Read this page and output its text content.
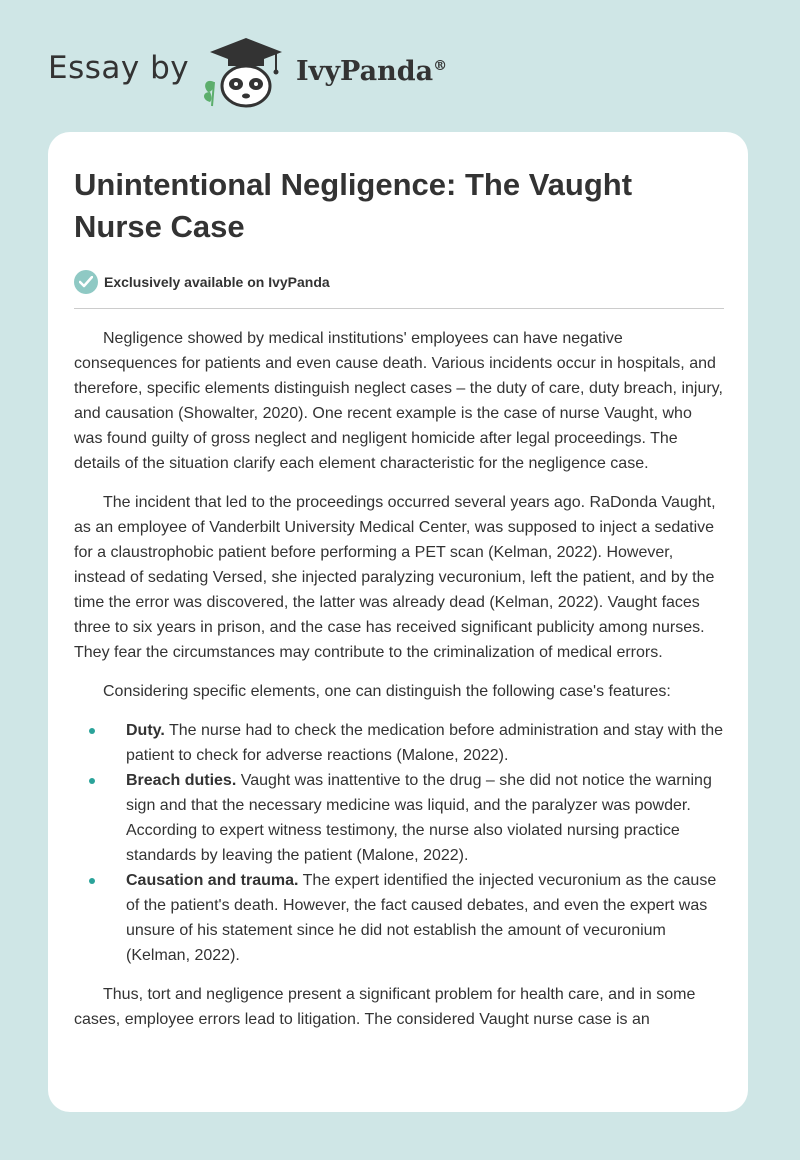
Essay by	IvyPanda®
Unintentional Negligence: The Vaught Nurse Case
Exclusively available on IvyPanda

Negligence showed by medical institutions' employees can have negative consequences for patients and even cause death. Various incidents occur in hospitals, and therefore, specific elements distinguish neglect cases – the duty of care, duty breach, injury, and causation (Showalter, 2020). One recent example is the case of nurse Vaught, who was found guilty of gross neglect and negligent homicide after legal proceedings. The details of the situation clarify each element characteristic for the negligence case.

The incident that led to the proceedings occurred several years ago. RaDonda Vaught, as an employee of Vanderbilt University Medical Center, was supposed to inject a sedative for a claustrophobic patient before performing a PET scan (Kelman, 2022). However, instead of sedating Versed, she injected paralyzing vecuronium, left the patient, and by the time the error was discovered, the latter was already dead (Kelman, 2022). Vaught faces three to six years in prison, and the case has received significant publicity among nurses. They fear the circumstances may contribute to the criminalization of medical errors.

Considering specific elements, one can distinguish the following case's features:

Duty. The nurse had to check the medication before administration and stay with the patient to check for adverse reactions (Malone, 2022).
Breach duties. Vaught was inattentive to the drug – she did not notice the warning sign and that the necessary medicine was liquid, and the paralyzer was powder. According to expert witness testimony, the nurse also violated nursing practice standards by leaving the patient (Malone, 2022).
Causation and trauma. The expert identified the injected vecuronium as the cause of the patient's death. However, the fact caused debates, and even the expert was unsure of his statement since he did not establish the amount of vecuronium (Kelman, 2022).

Thus, tort and negligence present a significant problem for health care, and in some cases, employee errors lead to litigation. The considered Vaught nurse case is an
